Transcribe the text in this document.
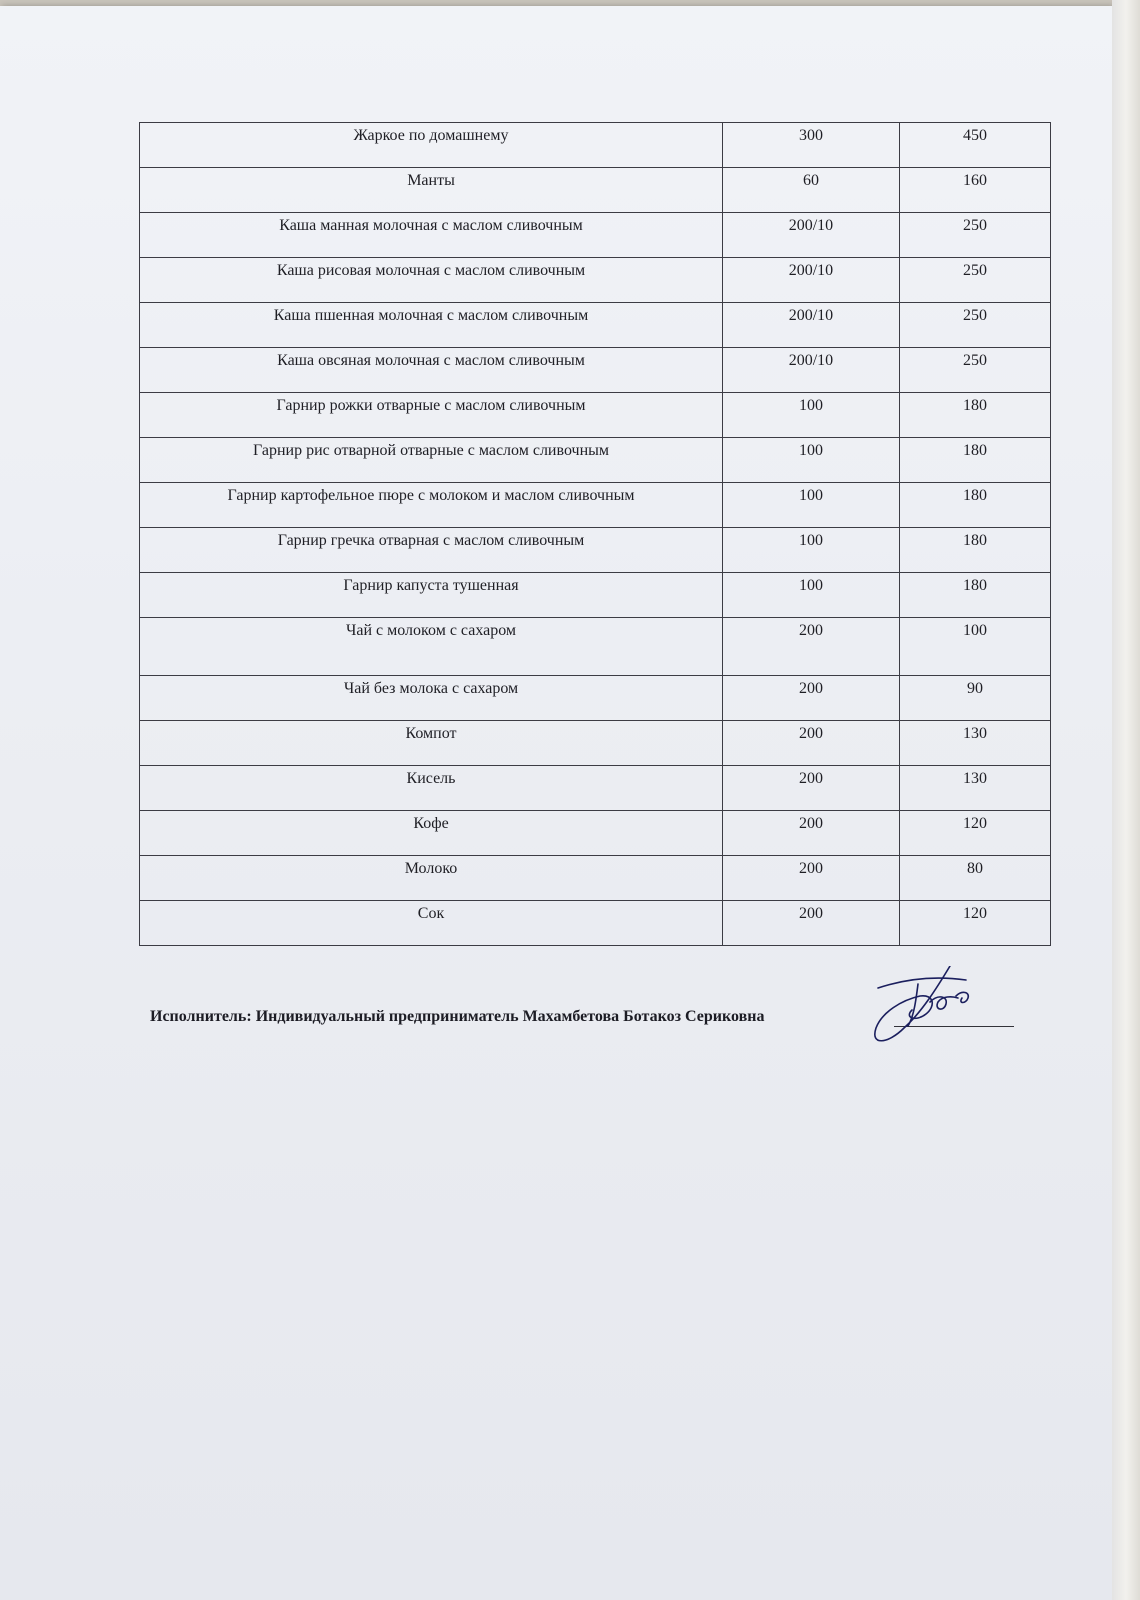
Жаркое по домашнему	300	450
Манты	60	160
Каша манная молочная с маслом сливочным	200/10	250
Каша рисовая молочная с маслом сливочным	200/10	250
Каша пшенная молочная с маслом сливочным	200/10	250
Каша овсяная молочная с маслом сливочным	200/10	250
Гарнир рожки отварные с маслом сливочным	100	180
Гарнир рис отварной отварные с маслом сливочным	100	180
Гарнир картофельное пюре с молоком и маслом сливочным	100	180
Гарнир гречка отварная с маслом сливочным	100	180
Гарнир капуста тушенная	100	180
Чай с молоком с сахаром	200	100
Чай без молока с сахаром	200	90
Компот	200	130
Кисель	200	130
Кофе	200	120
Молоко	200	80
Сок	200	120
Исполнитель: Индивидуальный предприниматель Махамбетова Ботакоз Сериковна
